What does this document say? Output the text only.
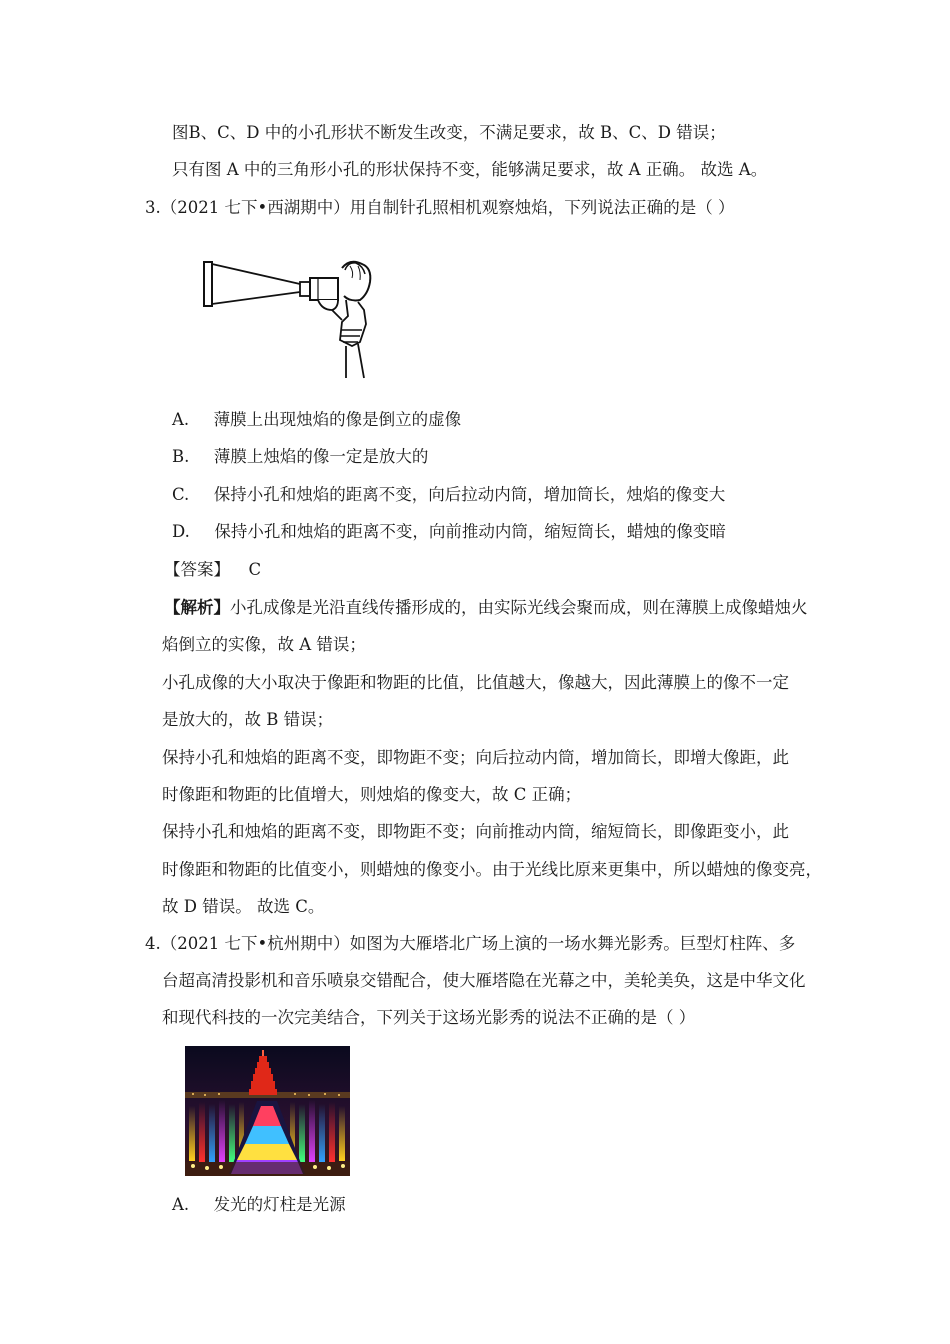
图B、C、D 中的小孔形状不断发生改变，不满足要求，故 B、C、D 错误；
只有图 A 中的三角形小孔的形状保持不变，能够满足要求，故 A 正确。 故选 A。
3.（2021 七下•西湖期中）用自制针孔照相机观察烛焰，下列说法正确的是（ ）
A. 薄膜上出现烛焰的像是倒立的虚像
B. 薄膜上烛焰的像一定是放大的
C. 保持小孔和烛焰的距离不变，向后拉动内筒，增加筒长，烛焰的像变大
D. 保持小孔和烛焰的距离不变，向前推动内筒，缩短筒长，蜡烛的像变暗
【答案】 C
【解析】小孔成像是光沿直线传播形成的，由实际光线会聚而成，则在薄膜上成像蜡烛火
焰倒立的实像，故 A 错误；
小孔成像的大小取决于像距和物距的比值，比值越大，像越大，因此薄膜上的像不一定
是放大的，故 B 错误；
保持小孔和烛焰的距离不变，即物距不变；向后拉动内筒，增加筒长，即增大像距，此
时像距和物距的比值增大，则烛焰的像变大，故 C 正确；
保持小孔和烛焰的距离不变，即物距不变；向前推动内筒，缩短筒长，即像距变小，此
时像距和物距的比值变小，则蜡烛的像变小。由于光线比原来更集中，所以蜡烛的像变亮，
故 D 错误。 故选 C。
4.（2021 七下•杭州期中）如图为大雁塔北广场上演的一场水舞光影秀。巨型灯柱阵、多
台超高清投影机和音乐喷泉交错配合，使大雁塔隐在光幕之中，美轮美奂，这是中华文化
和现代科技的一次完美结合，下列关于这场光影秀的说法不正确的是（ ）
A. 发光的灯柱是光源
